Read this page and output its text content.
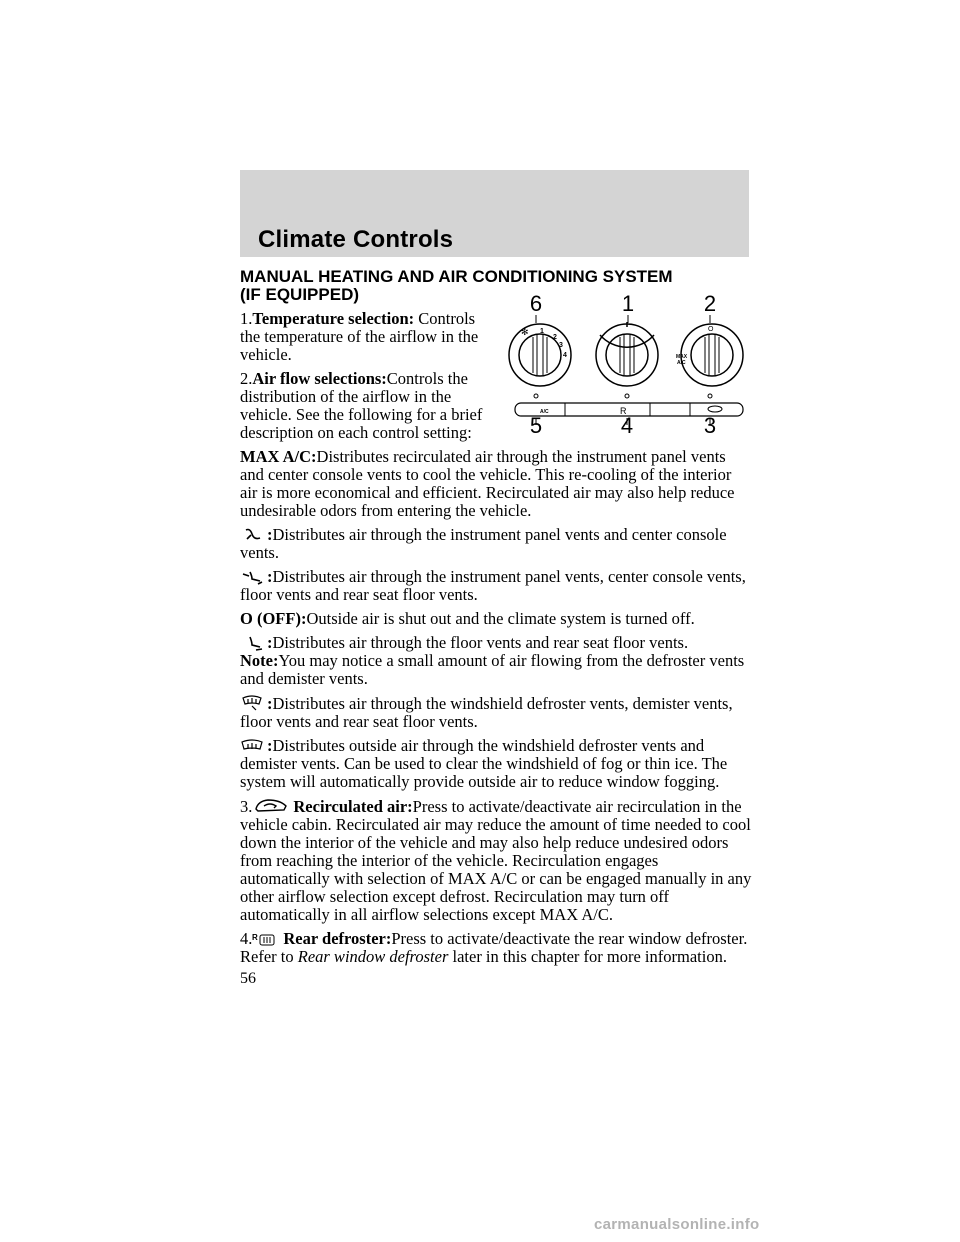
Climate Controls
6	1	2
✻ 1
2
3
4
O
MAX
A/C
A/C	R
5	4	3
MANUAL HEATING AND AIR CONDITIONING SYSTEM
(IF EQUIPPED)

1.Temperature selection: Controls the temperature of the airflow in the vehicle.

2.Air flow selections:Controls the distribution of the airflow in the vehicle. See the following for a brief description on each control setting:

MAX A/C:Distributes recirculated air through the instrument panel vents and center console vents to cool the vehicle. This re-cooling of the interior air is more economical and efficient. Recirculated air may also help reduce undesirable odors from entering the vehicle.

:Distributes air through the instrument panel vents and center console vents.

:Distributes air through the instrument panel vents, center console vents, floor vents and rear seat floor vents.

O (OFF):Outside air is shut out and the climate system is turned off.

:Distributes air through the floor vents and rear seat floor vents.
Note:You may notice a small amount of air flowing from the defroster vents and demister vents.

:Distributes air through the windshield defroster vents, demister vents, floor vents and rear seat floor vents.

:Distributes outside air through the windshield defroster vents and demister vents. Can be used to clear the windshield of fog or thin ice. The system will automatically provide outside air to reduce window fogging.

3. Recirculated air:Press to activate/deactivate air recirculation in the vehicle cabin. Recirculated air may reduce the amount of time needed to cool down the interior of the vehicle and may also help reduce undesired odors from reaching the interior of the vehicle. Recirculation engages automatically with selection of MAX A/C or can be engaged manually in any other airflow selection except defrost. Recirculation may turn off automatically in all airflow selections except MAX A/C.

4. R Rear defroster:Press to activate/deactivate the rear window defroster. Refer to Rear window defroster later in this chapter for more information.

56
carmanualsonline.info
